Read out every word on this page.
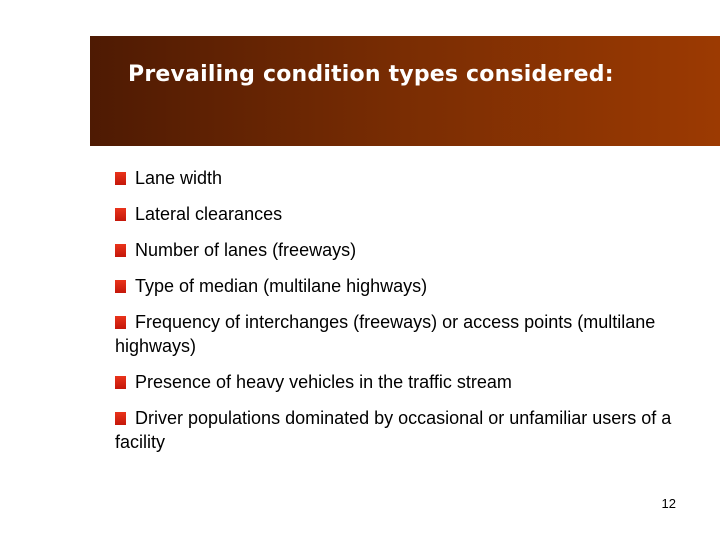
Prevailing condition types considered:
Lane width
Lateral clearances
Number of lanes (freeways)
Type of median (multilane highways)
Frequency of interchanges (freeways) or access points (multilane highways)
Presence of heavy vehicles in the traffic stream
Driver populations dominated by occasional or unfamiliar users of a facility
12
